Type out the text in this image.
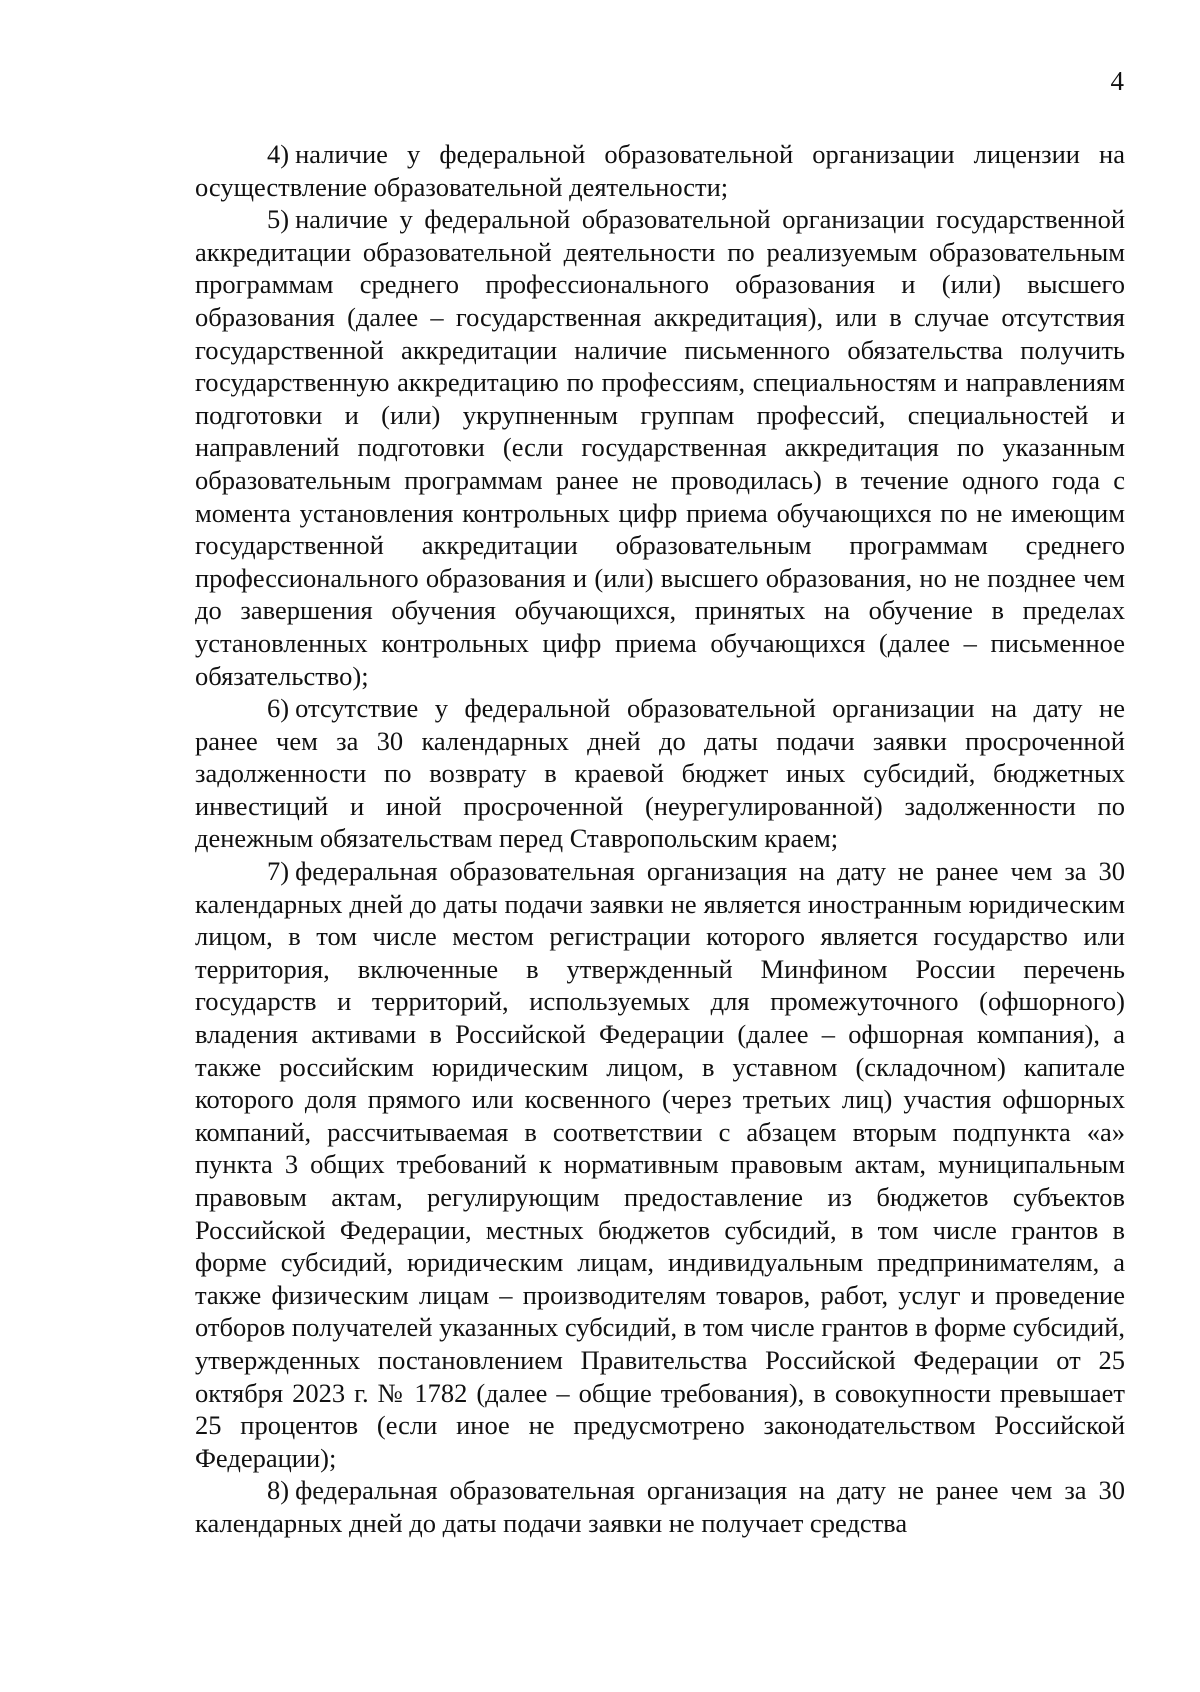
4

4) наличие у федеральной образовательной организации лицензии на осуществление образовательной деятельности;

5) наличие у федеральной образовательной организации государственной аккредитации образовательной деятельности по реализуемым образовательным программам среднего профессионального образования и (или) высшего образования (далее – государственная аккредитация), или в случае отсутствия государственной аккредитации наличие письменного обязательства получить государственную аккредитацию по профессиям, специальностям и направлениям подготовки и (или) укрупненным группам профессий, специальностей и направлений подготовки (если государственная аккредитация по указанным образовательным программам ранее не проводилась) в течение одного года с момента установления контрольных цифр приема обучающихся по не имеющим государственной аккредитации образовательным программам среднего профессионального образования и (или) высшего образования, но не позднее чем до завершения обучения обучающихся, принятых на обучение в пределах установленных контрольных цифр приема обучающихся (далее – письменное обязательство);

6) отсутствие у федеральной образовательной организации на дату не ранее чем за 30 календарных дней до даты подачи заявки просроченной задолженности по возврату в краевой бюджет иных субсидий, бюджетных инвестиций и иной просроченной (неурегулированной) задолженности по денежным обязательствам перед Ставропольским краем;

7) федеральная образовательная организация на дату не ранее чем за 30 календарных дней до даты подачи заявки не является иностранным юридическим лицом, в том числе местом регистрации которого является государство или территория, включенные в утвержденный Минфином России перечень государств и территорий, используемых для промежуточного (офшорного) владения активами в Российской Федерации (далее – офшорная компания), а также российским юридическим лицом, в уставном (складочном) капитале которого доля прямого или косвенного (через третьих лиц) участия офшорных компаний, рассчитываемая в соответствии с абзацем вторым подпункта «а» пункта 3 общих требований к нормативным правовым актам, муниципальным правовым актам, регулирующим предоставление из бюджетов субъектов Российской Федерации, местных бюджетов субсидий, в том числе грантов в форме субсидий, юридическим лицам, индивидуальным предпринимателям, а также физическим лицам – производителям товаров, работ, услуг и проведение отборов получателей указанных субсидий, в том числе грантов в форме субсидий, утвержденных постановлением Правительства Российской Федерации от 25 октября 2023 г. № 1782 (далее – общие требования), в совокупности превышает 25 процентов (если иное не предусмотрено законодательством Российской Федерации);

8) федеральная образовательная организация на дату не ранее чем за 30 календарных дней до даты подачи заявки не получает средства
